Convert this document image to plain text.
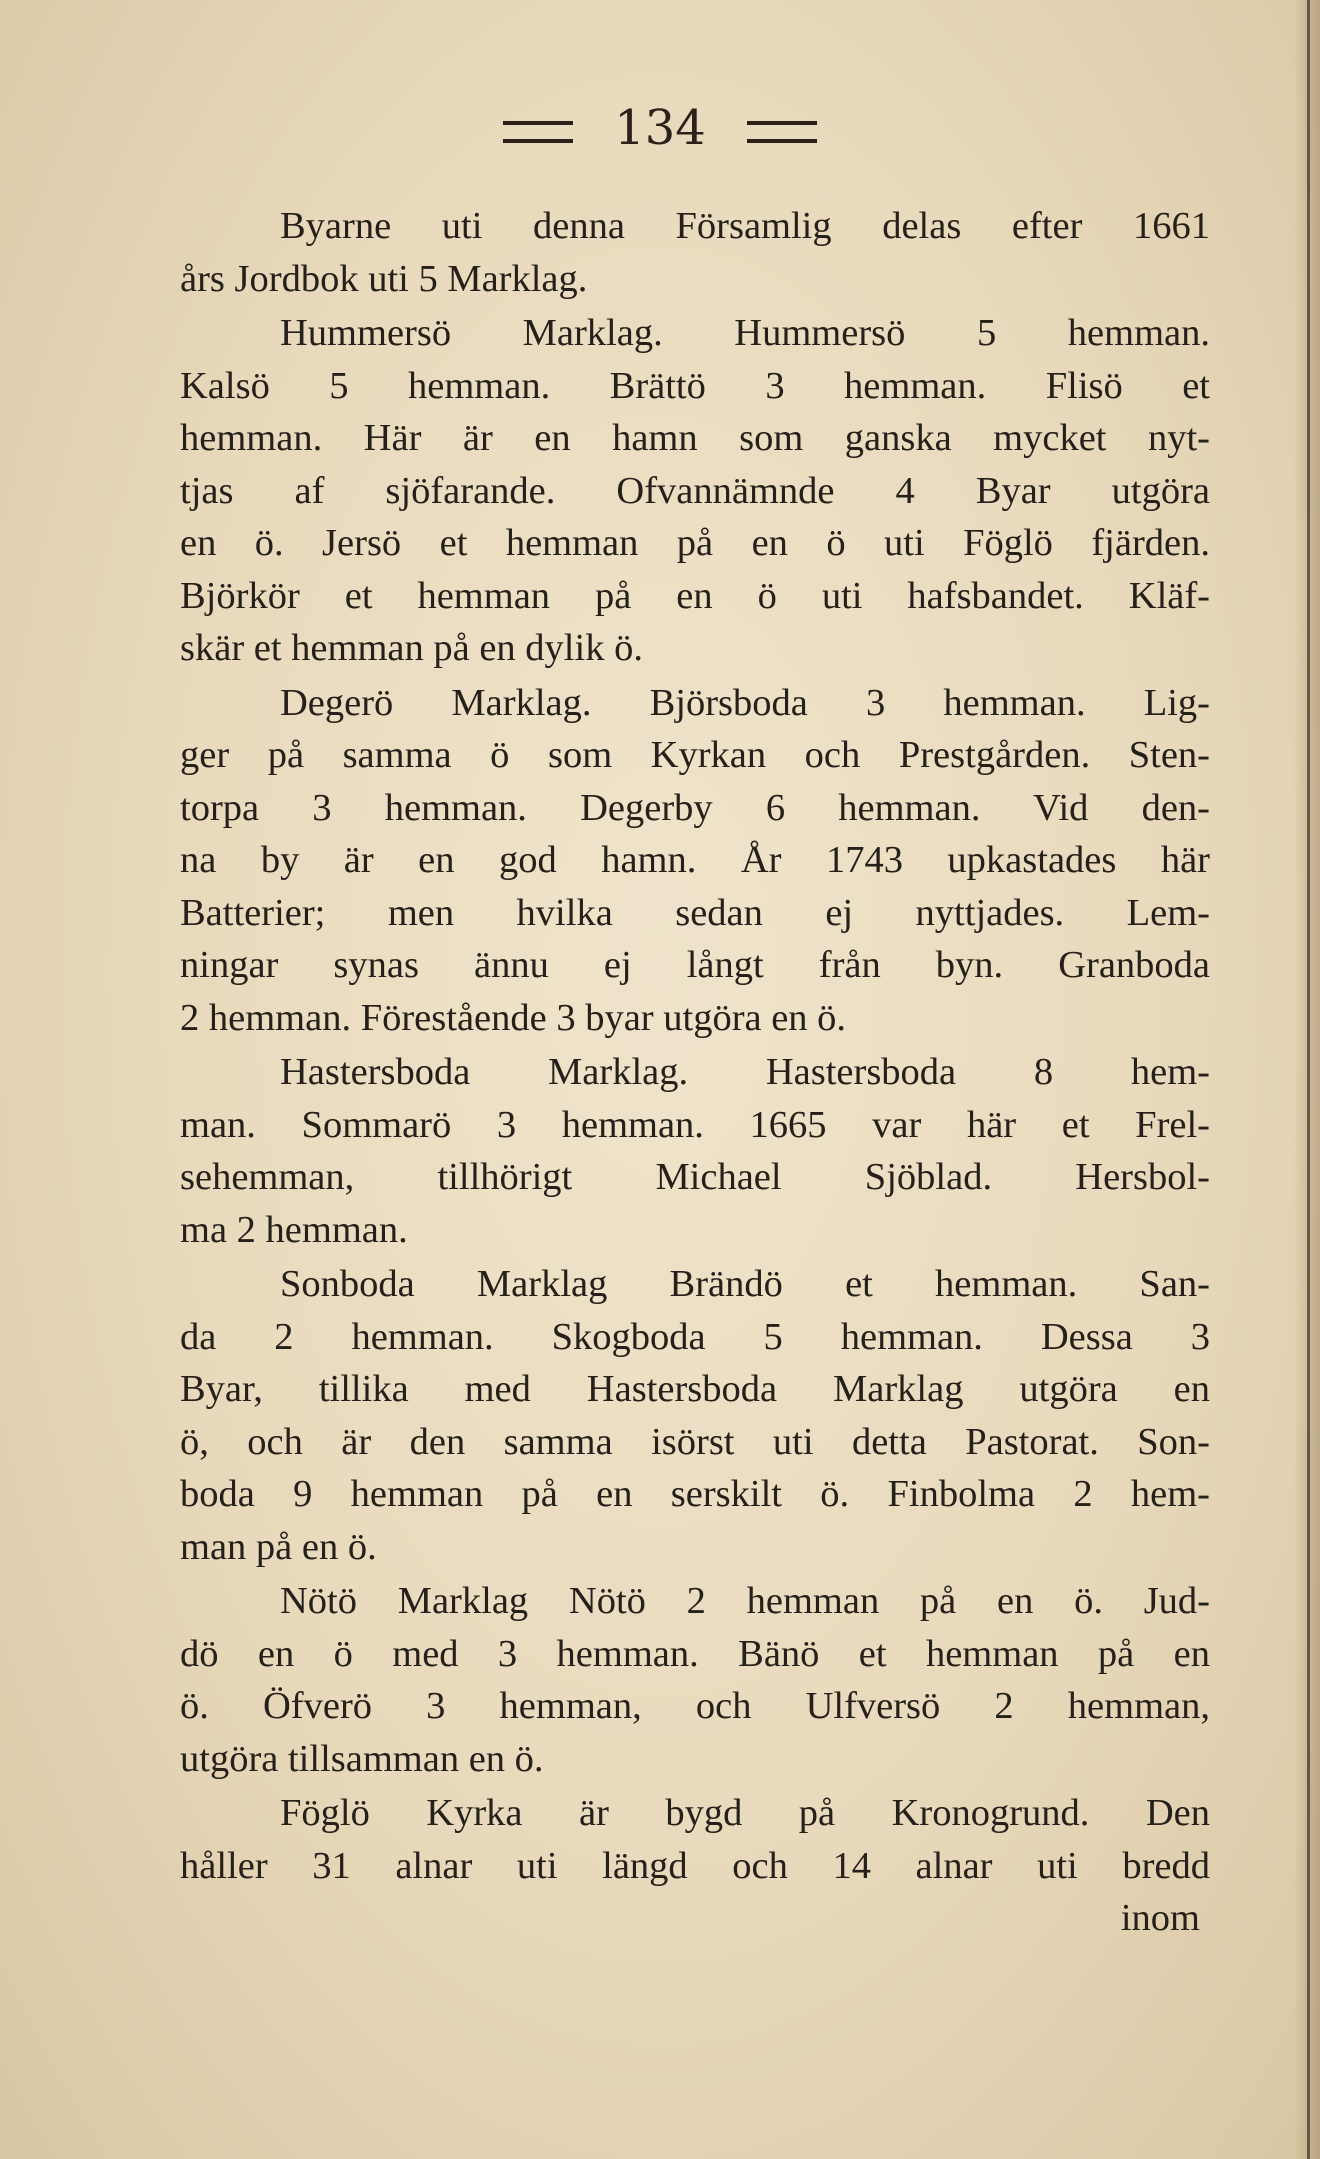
134
Byarne uti denna Församlig delas efter 1661
års Jordbok uti 5 Marklag.
Hummersö Marklag. Hummersö 5 hemman.
Kalsö 5 hemman. Brättö 3 hemman. Flisö et
hemman. Här är en hamn som ganska mycket nyt-
tjas af sjöfarande. Ofvannämnde 4 Byar utgöra
en ö. Jersö et hemman på en ö uti Föglö fjärden.
Björkör et hemman på en ö uti hafsbandet. Kläf-
skär et hemman på en dylik ö.
Degerö Marklag. Björsboda 3 hemman. Lig-
ger på samma ö som Kyrkan och Prestgården. Sten-
torpa 3 hemman. Degerby 6 hemman. Vid den-
na by är en god hamn. År 1743 upkastades här
Batterier; men hvilka sedan ej nyttjades. Lem-
ningar synas ännu ej långt från byn. Granboda
2 hemman. Förestående 3 byar utgöra en ö.
Hastersboda Marklag. Hastersboda 8 hem-
man. Sommarö 3 hemman. 1665 var här et Frel-
sehemman, tillhörigt Michael Sjöblad. Hersbol-
ma 2 hemman.
Sonboda Marklag Brändö et hemman. San-
da 2 hemman. Skogboda 5 hemman. Dessa 3
Byar, tillika med Hastersboda Marklag utgöra en
ö, och är den samma isörst uti detta Pastorat. Son-
boda 9 hemman på en serskilt ö. Finbolma 2 hem-
man på en ö.
Nötö Marklag Nötö 2 hemman på en ö. Jud-
dö en ö med 3 hemman. Bänö et hemman på en
ö. Öfverö 3 hemman, och Ulfversö 2 hemman,
utgöra tillsamman en ö.
Föglö Kyrka är bygd på Kronogrund. Den
håller 31 alnar uti längd och 14 alnar uti bredd
inom
